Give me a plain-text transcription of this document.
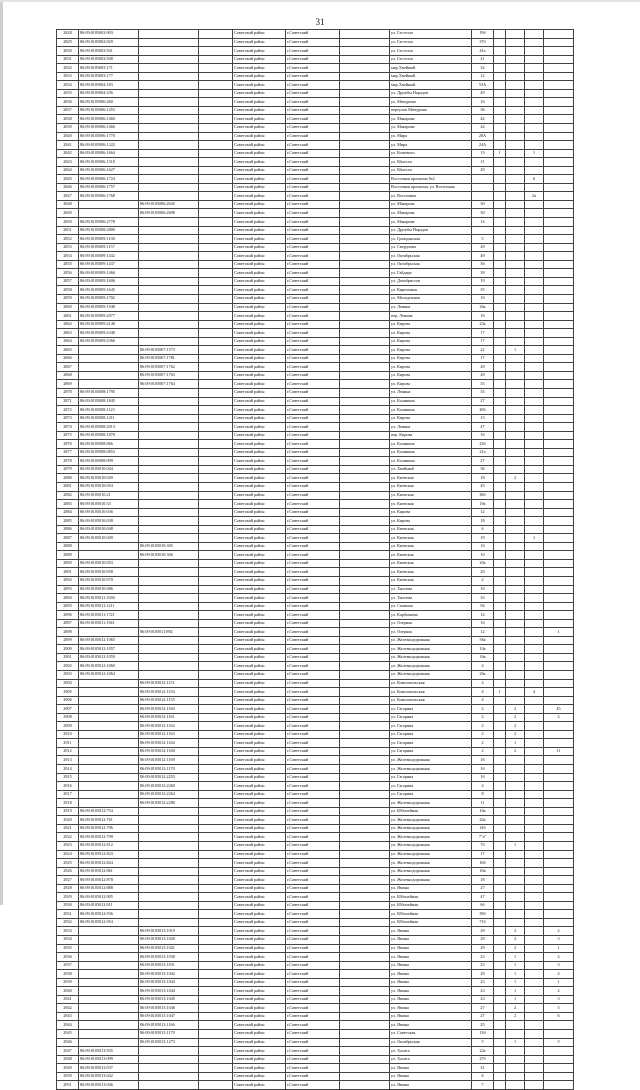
31
2828	86:09:0105002:903			Советский район	г.Советский		ул. Гастелло	19б				
2829	86:09:0105002:929			Советский район	г.Советский		ул. Гастелло	37б				
2830	86:09:0105002:941			Советский район	г.Советский		ул. Гастелло	41а				
2831	86:09:0105002:948			Советский район	г.Советский		ул. Гастелло	21				
2832	86:09:0105003:171			Советский район	г.Советский		мкр.Хвойный	32				
2833	86:09:0105003:177			Советский район	г.Советский		мкр.Хвойный	12				
2834	86:09:0105004:183			Советский район	г.Советский		мкр.Хвойный	53А				
2835	86:09:0105004:256			Советский район	г.Советский		ул. Дружбы Народов	49				
2836	86:09:0105006:260			Советский район	г.Советский		ул. Мичурина	16				
2837	86:09:0105006:1453			Советский район	г.Советский		переулок Мичурина	36				
2838	86:09:0105006:1460			Советский район	г.Советский		ул. Макарова	42				
2839	86:09:0105006:1466			Советский район	г.Советский		ул. Макарова	24				
2840	86:09:0105006:1770			Советский район	г.Советский		ул. Мира	28А				
2841	86:09:0105006:1322			Советский район	г.Советский		ул. Мира	24А				
2842	86:09:0105006:1664			Советский район	г.Советский		ул. Кошевого	13	1		1	
2843	86:09:0105006:1510			Советский район	г.Советский		ул. Юности	11				
2844	86:09:0105006:1627			Советский район	г.Советский		ул. Юности	20				
2845	86:09:0105006:1724			Советский район	г.Советский		Восточная промзона №2				6	
2846	86:09:0105006:1757			Советский район	г.Советский		Восточная промзона, ул. Восточная					
2847	86:09:0105006:1768			Советский район	г.Советский		ул. Восточная				2а	
2848		86:09:0105006:2645		Советский район	г.Советский		ул. Макарова	30				
2849		86:09:0105006:2698		Советский район	г.Советский		ул. Макарова	30				
2850	86:09:0105006:2778			Советский район	г.Советский		ул. Макарова	14				
2851	86:09:0105008:2800			Советский район	г.Советский		ул. Дружбы Народов					
2852	86:09:0105009:1138			Советский район	г.Советский		ул. Гражданская	5				
2853	86:09:0105009:1157			Советский район	г.Советский		ул. Свердлова	29				
2854	86:09:0105009:1432			Советский район	г.Советский		ул. Октябрьская	49				
2855	86:09:0105009:1437			Советский район	г.Советский		ул. Октябрьская	36				
2856	86:09:0105009:1466			Советский район	г.Советский		ул. Гайдара	39				
2857	86:09:0105009:1606			Советский район	г.Советский		ул. Декабристов	19				
2858	86:09:0105009:1645			Советский район	г.Советский		ул. Кирпичная	35				
2859	86:09:0105009:1702			Советский район	г.Советский		ул. Молодежная	16				
2860	86:09:0105009:1948			Советский район	г.Советский		ул. Ленина	26а				
2861	86:09:0105009:2077			Советский район	г.Советский		пер. Ленина	16				
2862	86:09:0105009:2148			Советский район	г.Советский		ул. Кирова	23а				
2863	86:09:0105009:2340			Советский район	г.Советский		ул. Кирова	17				
2864	86:09:0105009:2366			Советский район	г.Советский		ул. Кирова	17				
2865		86:09:0105007:1573		Советский район	г.Советский		ул. Кирова	22		1		
2866		86:09:0105007:1781		Советский район	г.Советский		ул. Кирова	17				
2867		86:09:0105007:1762		Советский район	г.Советский		ул. Кирова	29				
2868		86:09:0105007:1763		Советский район	г.Советский		ул. Кирова	29				
2869		86:09:0105007:1764		Советский район	г.Советский		ул. Кирова	35				
2870	86:09:0105008:1795			Советский район	г.Советский		ул. Ленина	35				
2871	86:09:0105008:1845			Советский район	г.Советский		ул. Калинина	27				
2872	86:09:0105008:1123			Советский район	г.Советский		ул. Калинина	20б				
2873	86:09:0105008:1211			Советский район	г.Советский		ул. Кирова	13				
2874	86:09:0105008:2013			Советский район	г.Советский		ул. Ленина	47				
2875	86:09:0105008:1870			Советский район	г.Советский		пер. Кирова	16				
2876	86:09:0105008:066			Советский район	г.Советский		ул. Калинина	23б				
2877	86:09:0105008:0853			Советский район	г.Советский		ул. Калинина	21а				
2878	86:09:0105008:099			Советский район	г.Советский		ул. Калинина	27				
2879	86:09:0105010:044			Советский район	г.Советский		ул. Хвойный	36				
2880	86:09:0105010:049			Советский район	г.Советский		ул. Киевская	18		2		
2881	86:09:0105010:054			Советский район	г.Советский		ул. Киевская	45				
2882	86:09:0105010:21			Советский район	г.Советский		ул. Киевская	36б				
2883	86:09:0105010:33			Советский район	г.Советский		ул. Киевская	19а				
2884	86:09:0105010:036			Советский район	г.Советский		ул. Кирова	12				
2885	86:09:0105010:038			Советский район	г.Советский		ул. Кирова	18				
2886	86:09:0105010:048			Советский район	г.Советский		ул. Киевская	6				
2887	86:09:0105010:049			Советский район	г.Советский		ул. Киевская	19			1	
2888		86:09:0105010:305		Советский район	г.Советский		ул. Киевская	16				
2889		86:09:0105010:306		Советский район	г.Советский		ул. Киевская	10				
2890	86:09:0105010:053			Советский район	г.Советский		ул. Киевская	20а				
2891	86:09:0105010:058			Советский район	г.Советский		ул. Киевская	20				
2892	86:09:0105010:070			Советский район	г.Советский		ул. Киевская	2				
2893	86:09:0105010:086			Советский район	г.Советский		ул. Тылоева	16				
2894	86:09:0105011:1030			Советский район	г.Советский		ул. Тылоева	33				
2895	86:09:0105011:1211			Советский район	г.Советский		ул. Спанина	94				
2896	86:09:0105011:1721			Советский район	г.Советский		ул. Карбышева	14				
2897	86:09:0105011:1941			Советский район	г.Советский		ул. Озерная	16				
2898		86:09:0105011:892		Советский район	г.Советский		ул. Озерная	12				1
2899	86:09:0105012:1065			Советский район	г.Советский		ул. Железнодорожная	56а				
2900	86:09:0105012:1057			Советский район	г.Советский		ул. Железнодорожная	10а				
2901	86:09:0105012:1059			Советский район	г.Советский		ул. Железнодорожная	16а				
2902	86:09:0105012:1060			Советский район	г.Советский		ул. Железнодорожная	4				
2903	86:09:0105012:1064			Советский район	г.Советский		ул. Железнодорожная	26а				
2904		86:09:0105012:1151		Советский район	г.Советский		ул. Комсомольская	4				
2905		86:09:0105012:1154		Советский район	г.Советский		ул. Комсомольская	4	1		4	
2906		86:09:0105012:1155		Советский район	г.Советский		ул. Комсомольская	4				
2907		86:09:0105012:1160		Советский район	г.Советский		ул. Гагарина	2		2		45
2908		86:09:0105012:1161		Советский район	г.Советский		ул. Гагарина	2		2		2
2909		86:09:0105012:1162		Советский район	г.Советский		ул. Гагарина	2		2		
2910		86:09:0105012:1163		Советский район	г.Советский		ул. Гагарина	2		2		
2911		86:09:0105012:1164		Советский район	г.Советский		ул. Гагарина	2		1		
2912		86:09:0105012:1168		Советский район	г.Советский		ул. Гагарина	2		2		11
2913		86:09:0105012:1169		Советский район	г.Советский		ул. Железнодорожная	16				
2914		86:09:0105012:1170		Советский район	г.Советский		ул. Железнодорожная	16				
2915		86:09:0105012:2253		Советский район	г.Советский		ул. Гагарина	16				
2916		86:09:0105012:2260		Советский район	г.Советский		ул. Гагарина	4				
2917		86:09:0105012:2264		Советский район	г.Советский		ул. Гагарина	8				
2918		86:09:0105012:2280		Советский район	г.Советский		ул. Железнодорожная	11				
2919	86:09:0105012:754			Советский район	г.Советский		ул. Юбилейная	16а				
2920	86:09:0105012:761			Советский район	г.Советский		ул. Железнодорожная	42а				
2921	86:09:0105012:796			Советский район	г.Советский		ул. Железнодорожная	14б				
2922	86:09:0105012:799			Советский район	г.Советский		ул. Железнодорожная	7"а"				
2923	86:09:0105012:812			Советский район	г.Советский		ул. Железнодорожная	7б		1		
2924	86:09:0105012:823			Советский район	г.Советский		ул. Железнодорожная	17				
2925	86:09:0105012:824			Советский район	г.Советский		ул. Железнодорожная	16б				
2926	86:09:0105012:861			Советский район	г.Советский		ул. Железнодорожная	16в				
2927	86:09:0105012:878			Советский район	г.Советский		ул. Железнодорожная	18				
2928	86:09:0105012:888			Советский район	г.Советский		ул. Ямина	27				
2929	86:09:0105012:905			Советский район	г.Советский		ул. Юбилейная	47				
2930	86:09:0105012:911			Советский район	г.Советский		ул. Юбилейная	6б				
2931	86:09:0105012:936			Советский район	г.Советский		ул. Юбилейная	39б				
2932	86:09:0105012:954			Советский район	г.Советский		ул. Юбилейная	71б				
2933		86:09:0105013:1019		Советский район	г.Советский		ул. Ямина	29		2		2
2934		86:09:0105013:1020		Советский район	г.Советский		ул. Ямина	29		2		3
2935		86:09:0105013:1021		Советский район	г.Советский		ул. Ямина	29		2		1
2936		86:09:0105013:1030		Советский район	г.Советский		ул. Ямина	23		1		2
2937		86:09:0105013:1031		Советский район	г.Советский		ул. Ямина	23		1		3
2938		86:09:0105013:1042		Советский район	г.Советский		ул. Ямина	29		1		4
2939		86:09:0105013:1043		Советский район	г.Советский		ул. Ямина	23		1		1
2940		86:09:0105013:1044		Советский район	г.Советский		ул. Ямина	23		1		2
2941		86:09:0105013:1045		Советский район	г.Советский		ул. Ямина	23		1		3
2942		86:09:0105013:1046		Советский район	г.Советский		ул. Ямина	27		2		5
2943		86:09:0105013:1047		Советский район	г.Советский		ул. Ямина	27		2		6
2944		86:09:0105013:1166		Советский район	г.Советский		ул. Ямина	25				
2945		86:09:0105013:1179		Советский район	г.Советский		ул. Советская	13б				
2946		86:09:0105013:1273		Советский район	г.Советский		ул. Октябрьская	5		1		5
2947	86:09:0105013:935			Советский район	г.Советский		ул. Халата	22а				
2948	86:09:0105013:099			Советский район	г.Советский		ул. Халата	27б				
2949	86:09:0105013:037			Советский район	г.Советский		ул. Ямина	31				
2950	86:09:0105013:042			Советский район	г.Советский		ул. Ямина	6				
2951	86:09:0105013:046			Советский район	г.Советский		ул. Ямина	7				
